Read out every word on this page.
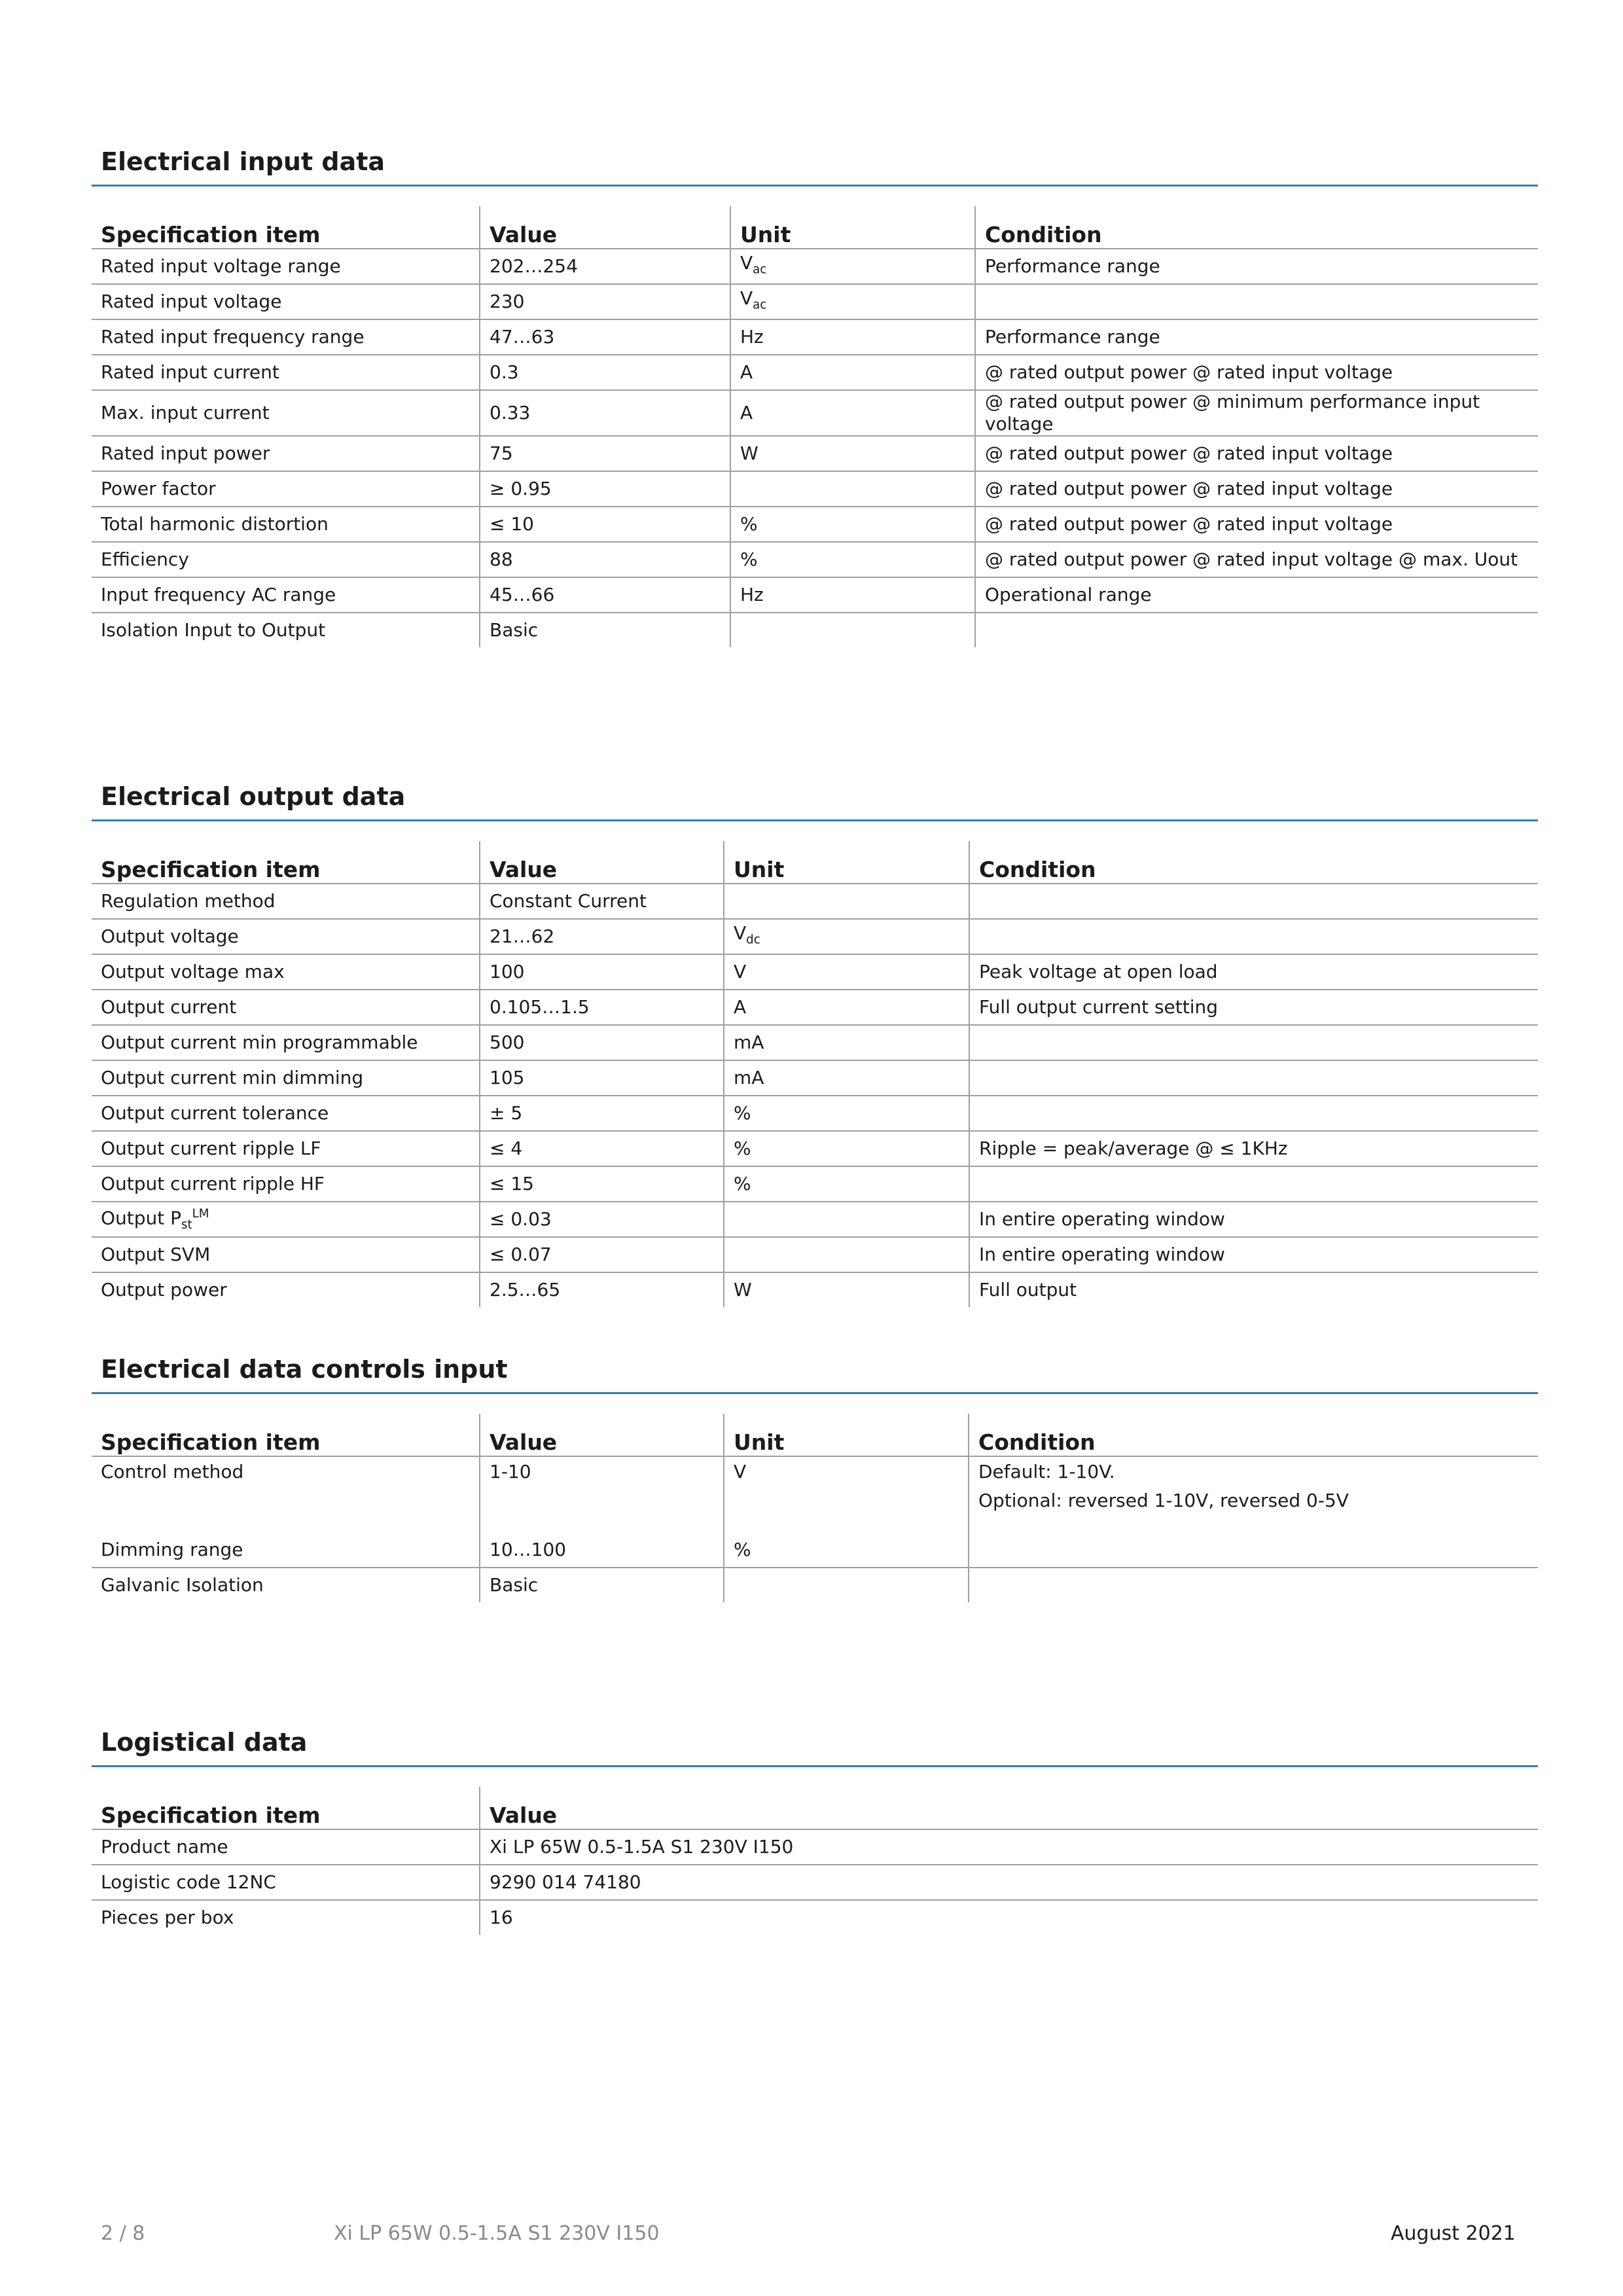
Electrical input data
Specification item	Value	Unit	Condition
Rated input voltage range	202…254	$V_{ac}$	Performance range
Rated input voltage	230	$V_{ac}$	
Rated input frequency range	47…63	Hz	Performance range
Rated input current	0.3	A	@ rated output power @ rated input voltage
Max. input current	0.33	A	@ rated output power @ minimum performance input voltage
Rated input power	75	W	@ rated output power @ rated input voltage
Power factor	≥ 0.95		@ rated output power @ rated input voltage
Total harmonic distortion	≤ 10	%	@ rated output power @ rated input voltage
Efficiency	88	%	@ rated output power @ rated input voltage @ max. Uout
Input frequency AC range	45…66	Hz	Operational range
Isolation Input to Output	Basic		
Electrical output data
Specification item	Value	Unit	Condition
Regulation method	Constant Current		
Output voltage	21…62	$V_{dc}$	
Output voltage max	100	V	Peak voltage at open load
Output current	0.105…1.5	A	Full output current setting
Output current min programmable	500	mA	
Output current min dimming	105	mA	
Output current tolerance	± 5	%	
Output current ripple LF	≤ 4	%	Ripple = peak/average @ ≤ 1KHz
Output current ripple HF	≤ 15	%	
Output $P_{st}^{LM}$	≤ 0.03		In entire operating window
Output SVM	≤ 0.07		In entire operating window
Output power	2.5…65	W	Full output
Electrical data controls input
Specification item	Value	Unit	Condition
Control method	1-10	V	Default: 1-10V.
Optional: reversed 1-10V, reversed 0-5V

Dimming range	10…100	%	
Galvanic Isolation	Basic		
Logistical data
Specification item	Value
Product name	Xi LP 65W 0.5-1.5A S1 230V I150
Logistic code 12NC	9290 014 74180
Pieces per box	16
2 / 8	Xi LP 65W 0.5-1.5A S1 230V I150	August 2021
